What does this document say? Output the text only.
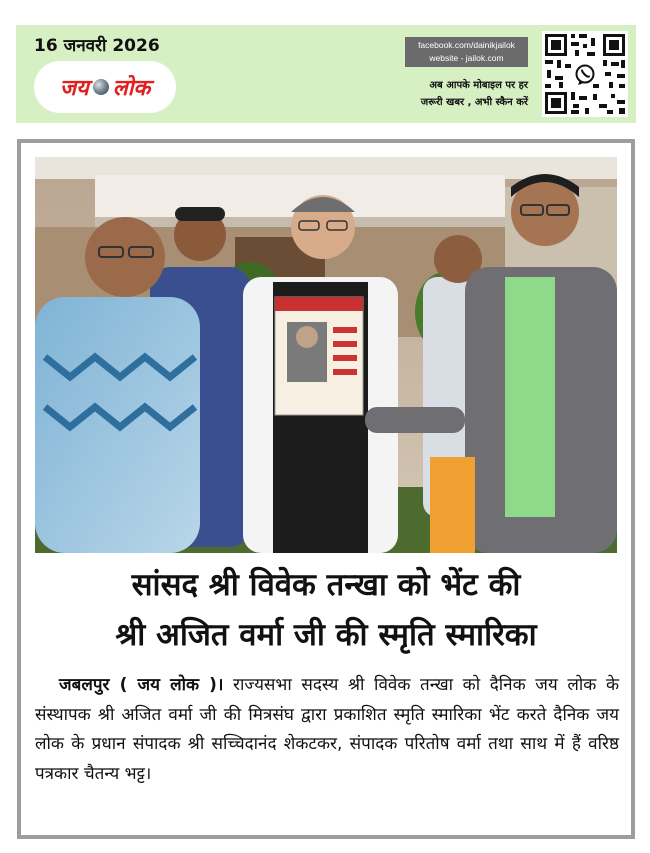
16 जनवरी 2026
जय लोक
facebook.com/dainikjailok
website - jailok.com
अब आपके मोबाइल पर हर
जरूरी खबर , अभी स्कैन करें
सांसद श्री विवेक तन्खा को भेंट की
श्री अजित वर्मा जी की स्मृति स्मारिका
जबलपुर ( जय लोक )। राज्यसभा सदस्य श्री विवेक तन्खा को दैनिक जय लोक के संस्थापक श्री अजित वर्मा जी की मित्रसंघ द्वारा प्रकाशित स्मृति स्मारिका भेंट करते दैनिक जय लोक के प्रधान संपादक श्री सच्चिदानंद शेकटकर, संपादक परितोष वर्मा तथा साथ में हैं वरिष्ठ पत्रकार चैतन्य भट्ट।
